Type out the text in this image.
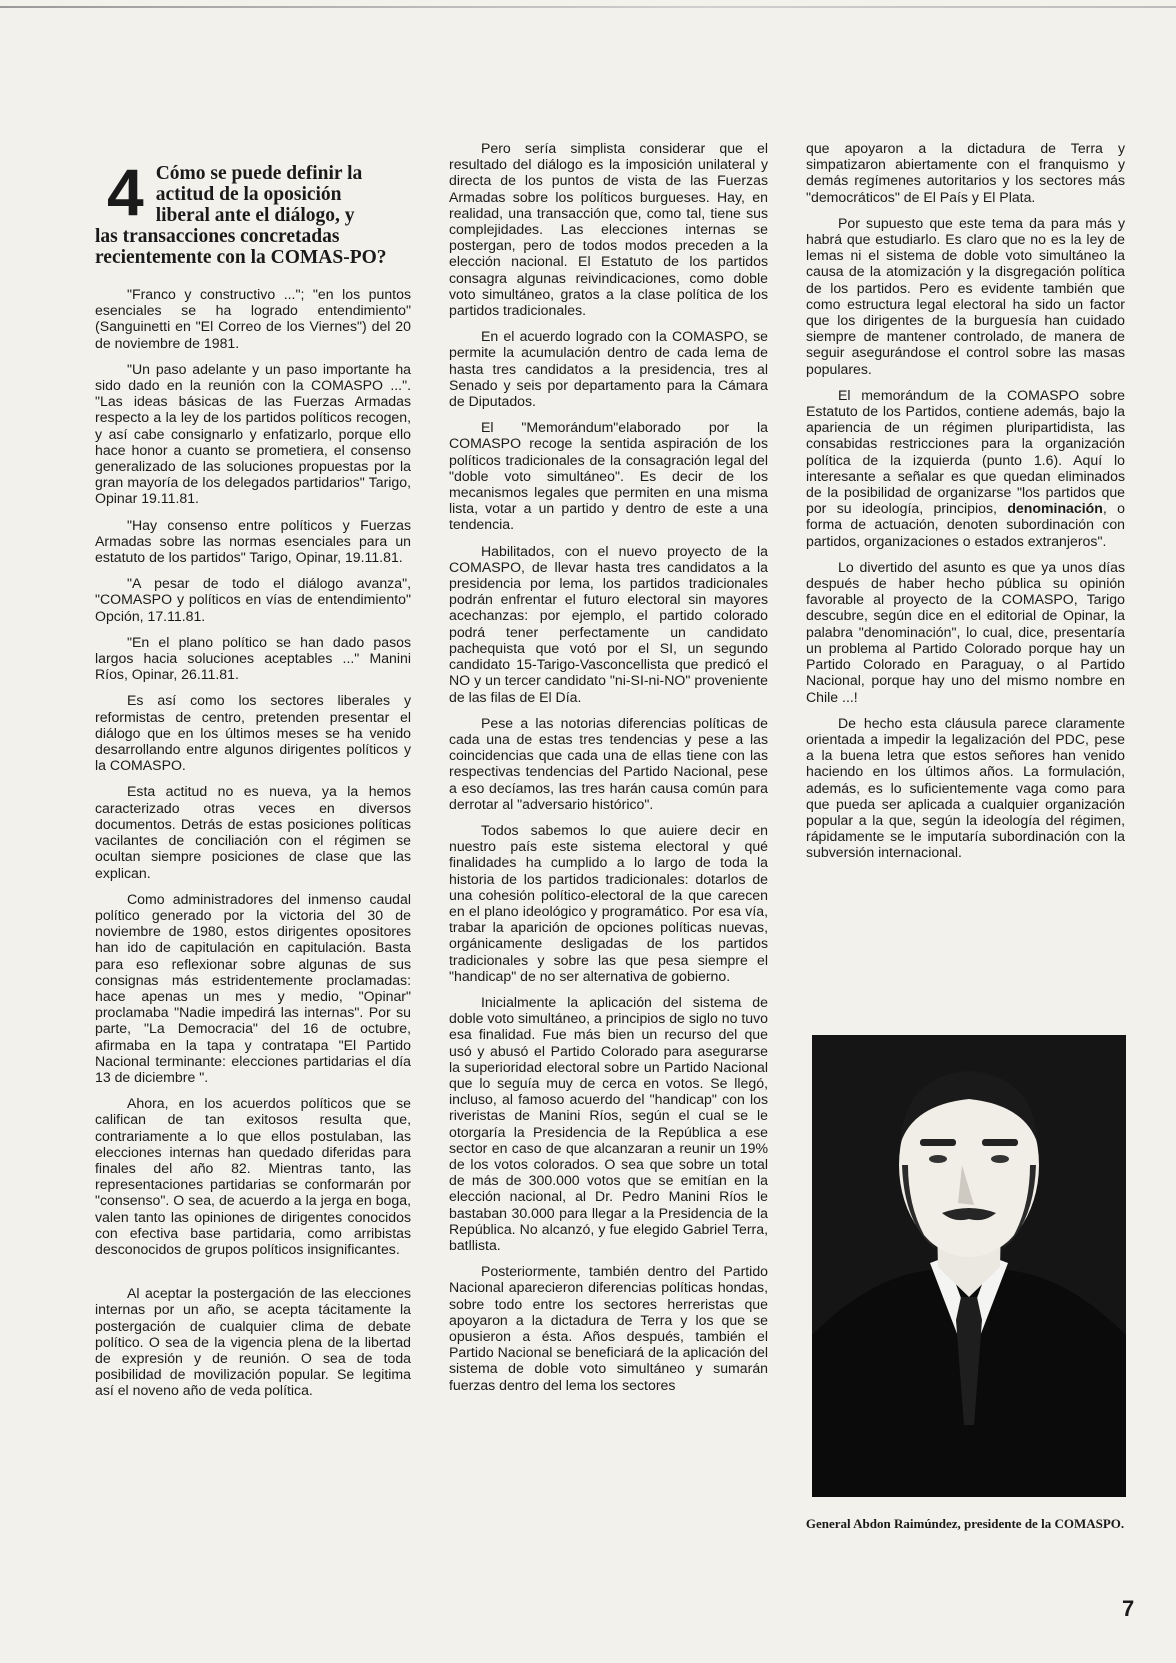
4 Cómo se puede definir la
actitud de la oposición
liberal ante el diálogo, y
las transacciones concretadas recientemente con la COMAS-PO?

"Franco y constructivo ..."; "en los puntos esenciales se ha logrado entendimiento" (Sanguinetti en "El Correo de los Viernes") del 20 de noviembre de 1981.

"Un paso adelante y un paso importante ha sido dado en la reunión con la COMASPO ...". "Las ideas básicas de las Fuerzas Armadas respecto a la ley de los partidos políticos recogen, y así cabe consignarlo y enfatizarlo, porque ello hace honor a cuanto se prometiera, el consenso generalizado de las soluciones propuestas por la gran mayoría de los delegados partidarios" Tarigo, Opinar 19.11.81.

"Hay consenso entre políticos y Fuerzas Armadas sobre las normas esenciales para un estatuto de los partidos" Tarigo, Opinar, 19.11.81.

"A pesar de todo el diálogo avanza", "COMASPO y políticos en vías de entendimiento" Opción, 17.11.81.

"En el plano político se han dado pasos largos hacia soluciones aceptables ..." Manini Ríos, Opinar, 26.11.81.

Es así como los sectores liberales y reformistas de centro, pretenden presentar el diálogo que en los últimos meses se ha venido desarrollando entre algunos dirigentes políticos y la COMASPO.

Esta actitud no es nueva, ya la hemos caracterizado otras veces en diversos documentos. Detrás de estas posiciones políticas vacilantes de conciliación con el régimen se ocultan siempre posiciones de clase que las explican.

Como administradores del inmenso caudal político generado por la victoria del 30 de noviembre de 1980, estos dirigentes opositores han ido de capitulación en capitulación. Basta para eso reflexionar sobre algunas de sus consignas más estridentemente proclamadas: hace apenas un mes y medio, "Opinar" proclamaba "Nadie impedirá las internas". Por su parte, "La Democracia" del 16 de octubre, afirmaba en la tapa y contratapa "El Partido Nacional terminante: elecciones partidarias el día 13 de diciembre ".

Ahora, en los acuerdos políticos que se califican de tan exitosos resulta que, contrariamente a lo que ellos postulaban, las elecciones internas han quedado diferidas para finales del año 82. Mientras tanto, las representaciones partidarias se conformarán por "consenso". O sea, de acuerdo a la jerga en boga, valen tanto las opiniones de dirigentes conocidos con efectiva base partidaria, como arribistas desconocidos de grupos políticos insignificantes.

Al aceptar la postergación de las elecciones internas por un año, se acepta tácitamente la postergación de cualquier clima de debate político. O sea de la vigencia plena de la libertad de expresión y de reunión. O sea de toda posibilidad de movilización popular. Se legitima así el noveno año de veda política.

Pero sería simplista considerar que el resultado del diálogo es la imposición unilateral y directa de los puntos de vista de las Fuerzas Armadas sobre los políticos burgueses. Hay, en realidad, una transacción que, como tal, tiene sus complejidades. Las elecciones internas se postergan, pero de todos modos preceden a la elección nacional. El Estatuto de los partidos consagra algunas reivindicaciones, como doble voto simultáneo, gratos a la clase política de los partidos tradicionales.

En el acuerdo logrado con la COMASPO, se permite la acumulación dentro de cada lema de hasta tres candidatos a la presidencia, tres al Senado y seis por departamento para la Cámara de Diputados.

El "Memorándum"elaborado por la COMASPO recoge la sentida aspiración de los políticos tradicionales de la consagración legal del "doble voto simultáneo". Es decir de los mecanismos legales que permiten en una misma lista, votar a un partido y dentro de este a una tendencia.

Habilitados, con el nuevo proyecto de la COMASPO, de llevar hasta tres candidatos a la presidencia por lema, los partidos tradicionales podrán enfrentar el futuro electoral sin mayores acechanzas: por ejemplo, el partido colorado podrá tener perfectamente un candidato pachequista que votó por el SI, un segundo candidato 15-Tarigo-Vasconcellista que predicó el NO y un tercer candidato "ni-SI-ni-NO" proveniente de las filas de El Día.

Pese a las notorias diferencias políticas de cada una de estas tres tendencias y pese a las coincidencias que cada una de ellas tiene con las respectivas tendencias del Partido Nacional, pese a eso decíamos, las tres harán causa común para derrotar al "adversario histórico".

Todos sabemos lo que auiere decir en nuestro país este sistema electoral y qué finalidades ha cumplido a lo largo de toda la historia de los partidos tradicionales: dotarlos de una cohesión político-electoral de la que carecen en el plano ideológico y programático. Por esa vía, trabar la aparición de opciones políticas nuevas, orgánicamente desligadas de los partidos tradicionales y sobre las que pesa siempre el "handicap" de no ser alternativa de gobierno.

Inicialmente la aplicación del sistema de doble voto simultáneo, a principios de siglo no tuvo esa finalidad. Fue más bien un recurso del que usó y abusó el Partido Colorado para asegurarse la superioridad electoral sobre un Partido Nacional que lo seguía muy de cerca en votos. Se llegó, incluso, al famoso acuerdo del "handicap" con los riveristas de Manini Ríos, según el cual se le otorgaría la Presidencia de la República a ese sector en caso de que alcanzaran a reunir un 19% de los votos colorados. O sea que sobre un total de más de 300.000 votos que se emitían en la elección nacional, al Dr. Pedro Manini Ríos le bastaban 30.000 para llegar a la Presidencia de la República. No alcanzó, y fue elegido Gabriel Terra, batllista.

Posteriormente, también dentro del Partido Nacional aparecieron diferencias políticas hondas, sobre todo entre los sectores herreristas que apoyaron a la dictadura de Terra y los que se opusieron a ésta. Años después, también el Partido Nacional se beneficiará de la aplicación del sistema de doble voto simultáneo y sumarán fuerzas dentro del lema los sectores

que apoyaron a la dictadura de Terra y simpatizaron abiertamente con el franquismo y demás regímenes autoritarios y los sectores más "democráticos" de El País y El Plata.

Por supuesto que este tema da para más y habrá que estudiarlo. Es claro que no es la ley de lemas ni el sistema de doble voto simultáneo la causa de la atomización y la disgregación política de los partidos. Pero es evidente también que como estructura legal electoral ha sido un factor que los dirigentes de la burguesía han cuidado siempre de mantener controlado, de manera de seguir asegurándose el control sobre las masas populares.

El memorándum de la COMASPO sobre Estatuto de los Partidos, contiene además, bajo la apariencia de un régimen pluripartidista, las consabidas restricciones para la organización política de la izquierda (punto 1.6). Aquí lo interesante a señalar es que quedan eliminados de la posibilidad de organizarse "los partidos que por su ideología, principios, denominación, o forma de actuación, denoten subordinación con partidos, organizaciones o estados extranjeros".

Lo divertido del asunto es que ya unos días después de haber hecho pública su opinión favorable al proyecto de la COMASPO, Tarigo descubre, según dice en el editorial de Opinar, la palabra "denominación", lo cual, dice, presentaría un problema al Partido Colorado porque hay un Partido Colorado en Paraguay, o al Partido Nacional, porque hay uno del mismo nombre en Chile ...!

De hecho esta cláusula parece claramente orientada a impedir la legalización del PDC, pese a la buena letra que estos señores han venido haciendo en los últimos años. La formulación, además, es lo suficientemente vaga como para que pueda ser aplicada a cualquier organización popular a la que, según la ideología del régimen, rápidamente se le imputaría subordinación con la subversión internacional.

General Abdon Raimúndez, presidente de la COMASPO.
7
